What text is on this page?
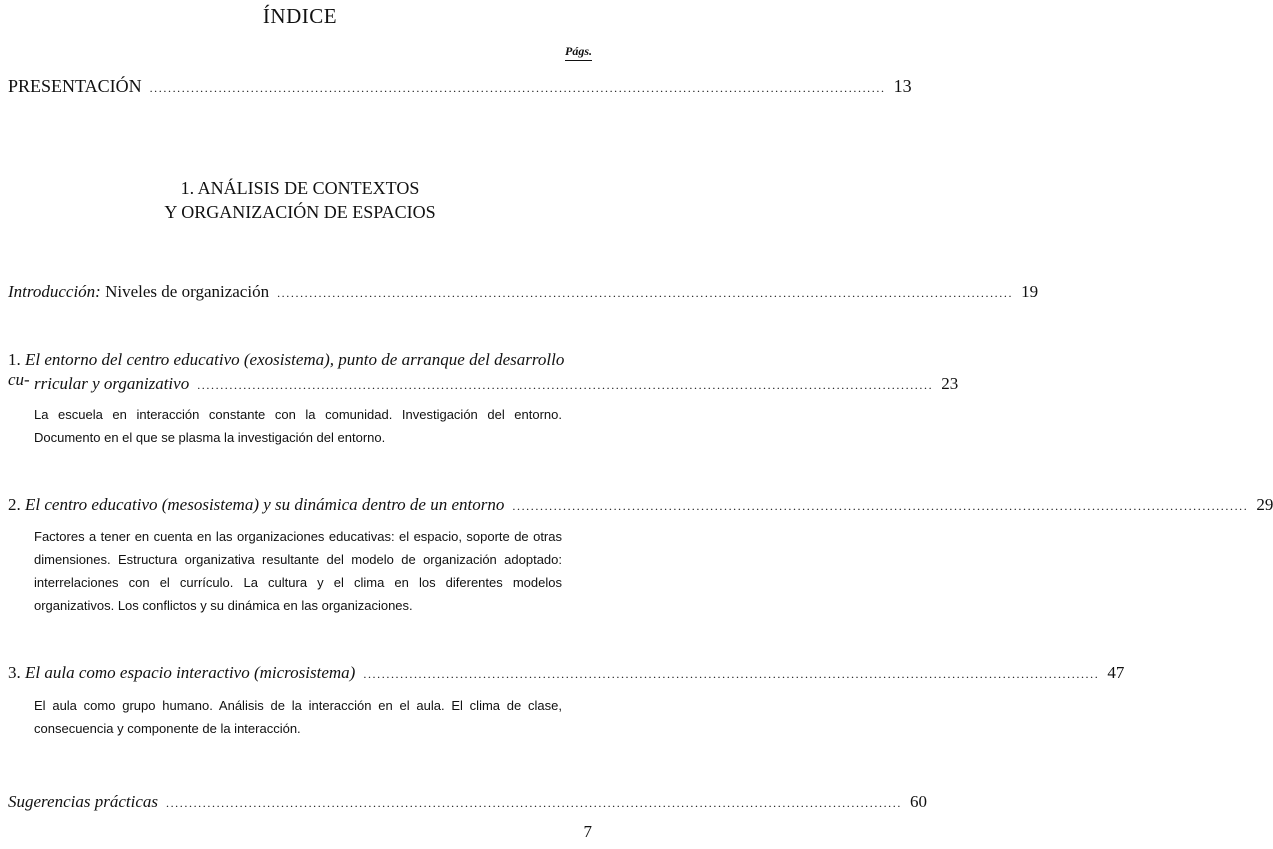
ÍNDICE
Págs.
PRESENTACIÓN ................................................................................................................................................................ 13
1. ANÁLISIS DE CONTEXTOS
Y ORGANIZACIÓN DE ESPACIOS
Introducción: Niveles de organización ................................................................................................................................................................ 19
1. El entorno del centro educativo (exosistema), punto de arranque del desarrollo cu- rricular y organizativo ................................................................................................................................................................ 23
La escuela en interacción constante con la comunidad. Investigación del entorno. Documento en el que se plasma la investigación del entorno.
2. El centro educativo (mesosistema) y su dinámica dentro de un entorno ................................................................................................................................................................ 29
Factores a tener en cuenta en las organizaciones educativas: el espacio, soporte de otras dimensiones. Estructura organizativa resultante del modelo de organización adoptado: interrelaciones con el currículo. La cultura y el clima en los diferentes modelos organizativos. Los conflictos y su dinámica en las organizaciones.
3. El aula como espacio interactivo (microsistema) ................................................................................................................................................................ 47
El aula como grupo humano. Análisis de la interacción en el aula. El clima de clase, consecuencia y componente de la interacción.
Sugerencias prácticas ................................................................................................................................................................ 60
7
